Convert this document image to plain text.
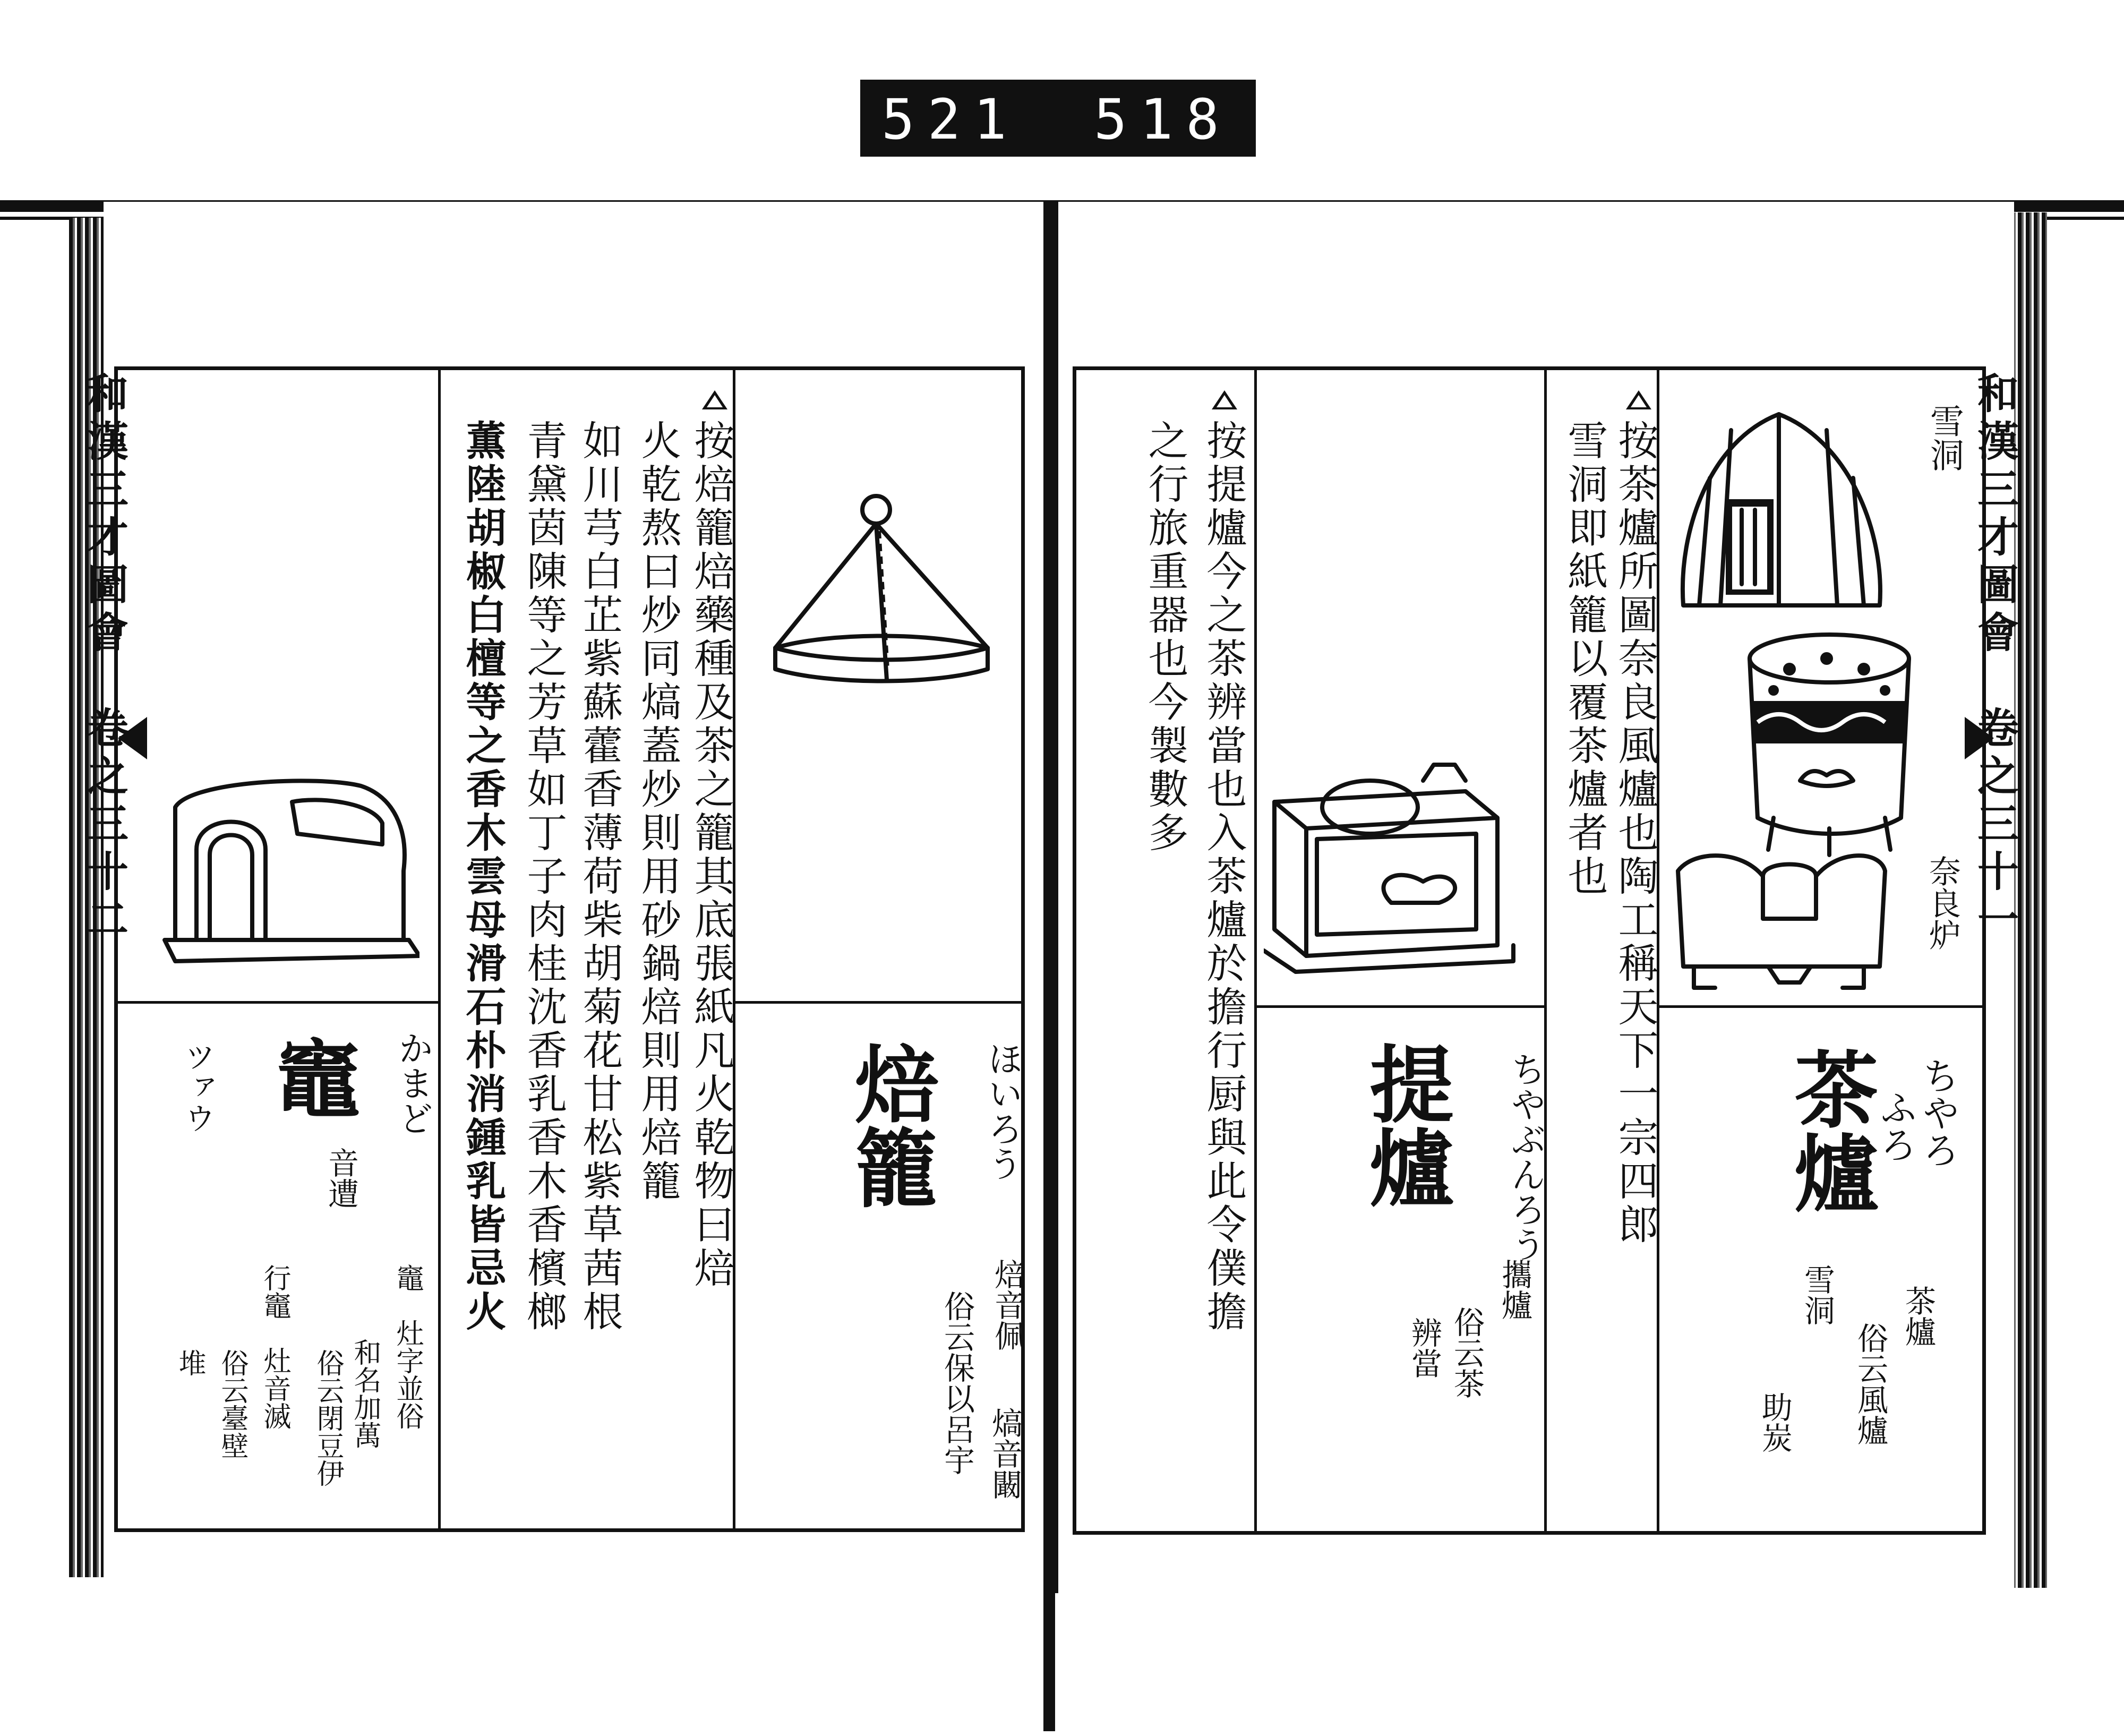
521 518
和漢三才圖會　卷之三十二	和漢三才圖會　卷之三十一
雪洞
奈良炉
ちやろ
ふろ
茶爐
茶爐
俗云風爐
雪洞
助炭
按茶爐所圖奈良風爐也陶工稱天下一宗四郎
雪洞即紙籠以覆茶爐者也
ちやぶんろう
提爐
攜爐
俗云茶
辨當
按提爐今之茶辨當也入茶爐於擔行厨與此令僕擔
之行旅重器也今製數多
ほいろう
焙籠
焙音佩
俗云保以呂宇 熇音闞
按焙籠焙藥種及茶之籠其底張紙凡火乾物曰焙
火乾熬曰炒同熇蓋炒則用砂鍋焙則用焙籠
如川芎白芷紫蘇藿香薄荷柴胡菊花甘松紫草茜根
青黛茵陳等之芳草如丁子肉桂沈香乳香木香檳榔
薫陸胡椒白檀等之香木雲母滑石朴消鍾乳皆忌火
かまど
ツァウ 竈
音遭
竈　灶字並俗
和名加萬
俗云閉豆伊
行竈　灶音滅
俗云臺壁
堆
